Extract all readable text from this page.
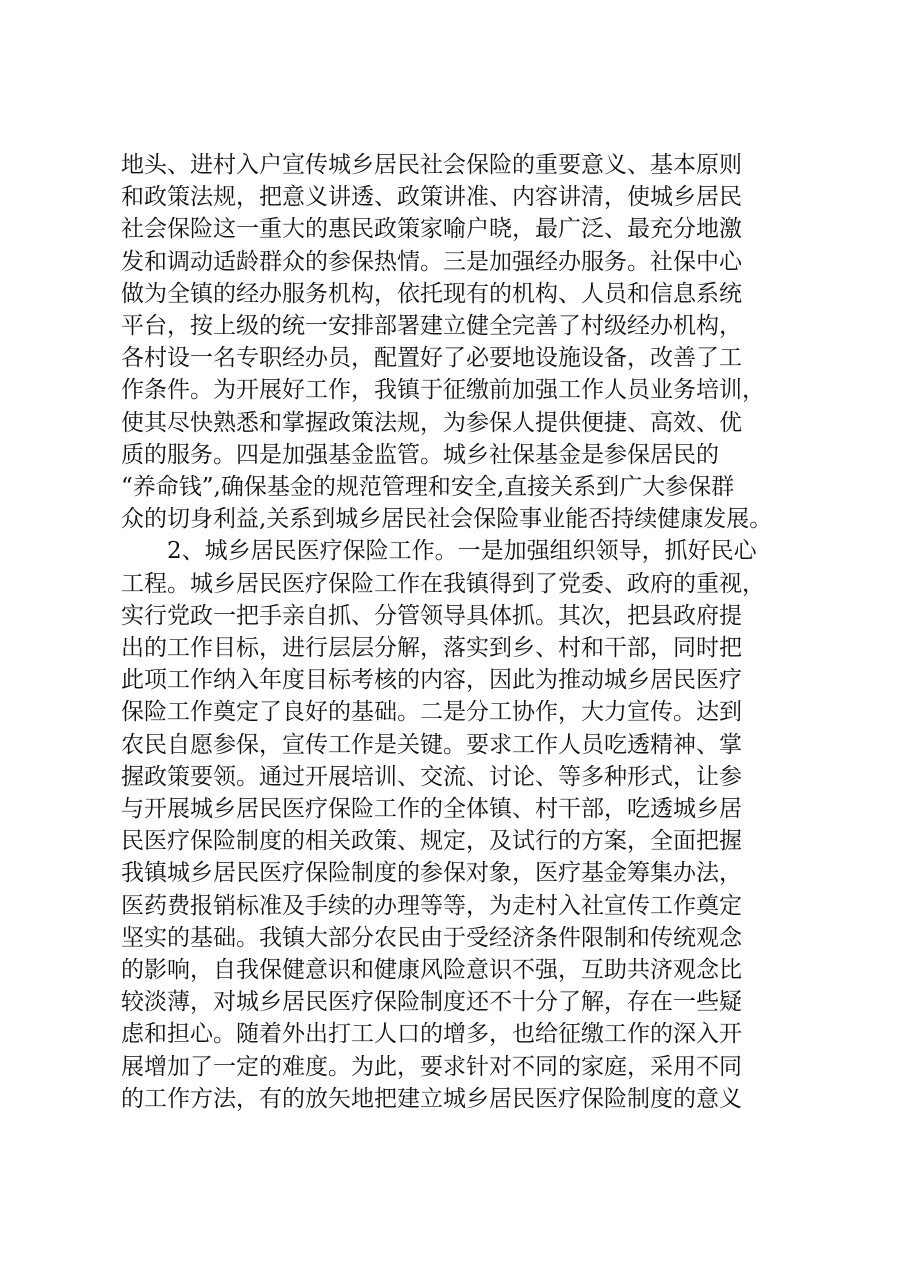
地头、进村入户宣传城乡居民社会保险的重要意义、基本原则
和政策法规，把意义讲透、政策讲准、内容讲清，使城乡居民
社会保险这一重大的惠民政策家喻户晓，最广泛、最充分地激
发和调动适龄群众的参保热情。三是加强经办服务。社保中心
做为全镇的经办服务机构，依托现有的机构、人员和信息系统
平台，按上级的统一安排部署建立健全完善了村级经办机构，
各村设一名专职经办员，配置好了必要地设施设备，改善了工
作条件。为开展好工作，我镇于征缴前加强工作人员业务培训，
使其尽快熟悉和掌握政策法规，为参保人提供便捷、高效、优
质的服务。四是加强基金监管。城乡社保基金是参保居民的
“养命钱”,确保基金的规范管理和安全,直接关系到广大参保群
众的切身利益,关系到城乡居民社会保险事业能否持续健康发展。
　　2、城乡居民医疗保险工作。一是加强组织领导，抓好民心
工程。城乡居民医疗保险工作在我镇得到了党委、政府的重视，
实行党政一把手亲自抓、分管领导具体抓。其次，把县政府提
出的工作目标，进行层层分解，落实到乡、村和干部，同时把
此项工作纳入年度目标考核的内容，因此为推动城乡居民医疗
保险工作奠定了良好的基础。二是分工协作，大力宣传。达到
农民自愿参保，宣传工作是关键。要求工作人员吃透精神、掌
握政策要领。通过开展培训、交流、讨论、等多种形式，让参
与开展城乡居民医疗保险工作的全体镇、村干部，吃透城乡居
民医疗保险制度的相关政策、规定，及试行的方案，全面把握
我镇城乡居民医疗保险制度的参保对象，医疗基金筹集办法，
医药费报销标准及手续的办理等等，为走村入社宣传工作奠定
坚实的基础。我镇大部分农民由于受经济条件限制和传统观念
的影响，自我保健意识和健康风险意识不强，互助共济观念比
较淡薄，对城乡居民医疗保险制度还不十分了解，存在一些疑
虑和担心。随着外出打工人口的增多，也给征缴工作的深入开
展增加了一定的难度。为此，要求针对不同的家庭，采用不同
的工作方法，有的放矢地把建立城乡居民医疗保险制度的意义
